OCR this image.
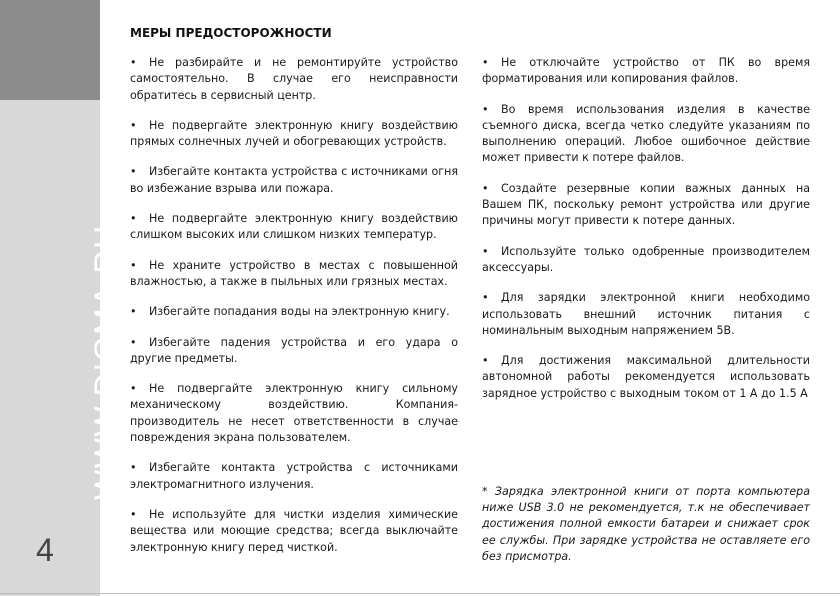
WWW.DIGMA.RU
4
МЕРЫ ПРЕДОСТОРОЖНОСТИ

• Не разбирайте и не ремонтируйте устройство самостоятельно. В случае его неисправности обратитесь в сервисный центр.

• Не подвергайте электронную книгу воздействию прямых солнечных лучей и обогревающих устройств.

• Избегайте контакта устройства с источниками огня во избежание взрыва или пожара.

• Не подвергайте электронную книгу воздействию слишком высоких или слишком низких температур.

• Не храните устройство в местах с повышенной влажностью, а также в пыльных или грязных местах.

• Избегайте попадания воды на электронную книгу.

• Избегайте падения устройства и его удара о другие предметы.

• Не подвергайте электронную книгу сильному механическому воздействию. Компания-производитель не несет ответственности в случае повреждения экрана пользователем.

• Избегайте контакта устройства с источниками электромагнитного излучения.

• Не используйте для чистки изделия химические вещества или моющие средства; всегда выключайте электронную книгу перед чисткой.

• Не отключайте устройство от ПК во время форматирования или копирования файлов.

• Во время использования изделия в качестве съемного диска, всегда четко следуйте указаниям по выполнению операций. Любое ошибочное действие может привести к потере файлов.

• Создайте резервные копии важных данных на Вашем ПК, поскольку ремонт устройства или другие причины могут привести к потере данных.

• Используйте только одобренные производителем аксессуары.

• Для зарядки электронной книги необходимо использовать внешний источник питания с номинальным выходным напряжением 5В.

• Для достижения максимальной длительности автономной работы рекомендуется использовать зарядное устройство с выходным током от 1 А до 1.5 А

* Зарядка электронной книги от порта компьютера ниже USB 3.0 не рекомендуется, т.к не обеспечивает достижения полной емкости батареи и снижает срок ее службы. При зарядке устройства не оставляете его без присмотра.
